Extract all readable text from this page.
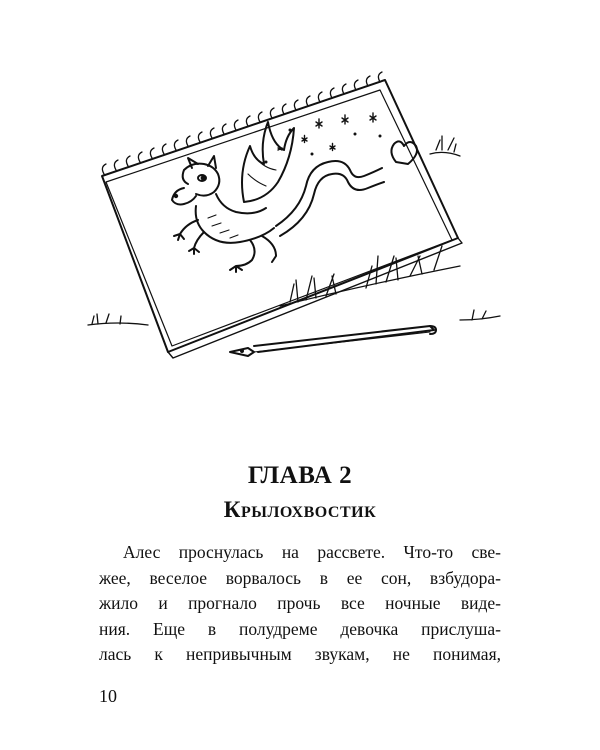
ГЛАВА 2
Крылохвостик
Алес проснулась на рассвете. Что-то све-
жее, веселое ворвалось в ее сон, взбудора-
жило и прогнало прочь все ночные виде-
ния. Еще в полудреме девочка прислуша-
лась к непривычным звукам, не понимая,
10
